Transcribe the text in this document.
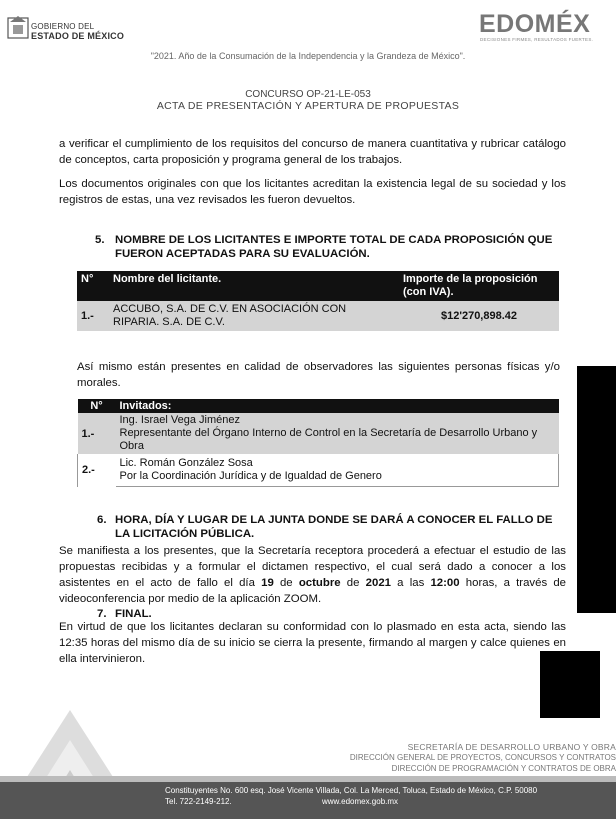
GOBIERNO DEL
ESTADO DE MÉXICO	EDOMÉX
DECISIONES FIRMES, RESULTADOS FUERTES.
"2021. Año de la Consumación de la Independencia y la Grandeza de México".
CONCURSO OP-21-LE-053
ACTA DE PRESENTACIÓN Y APERTURA DE PROPUESTAS

a verificar el cumplimiento de los requisitos del concurso de manera cuantitativa y rubricar catálogo de conceptos, carta proposición y programa general de los trabajos.

Los documentos originales con que los licitantes acreditan la existencia legal de su sociedad y los registros de estas, una vez revisados les fueron devueltos.

5. NOMBRE DE LOS LICITANTES E IMPORTE TOTAL DE CADA PROPOSICIÓN QUE FUERON ACEPTADAS PARA SU EVALUACIÓN.
N°	Nombre del licitante.	Importe de la proposición (con IVA).
1.-	ACCUBO, S.A. DE C.V. EN ASOCIACIÓN CON RIPARIA. S.A. DE C.V.	$12'270,898.42

Así mismo están presentes en calidad de observadores las siguientes personas físicas y/o morales.

N°	Invitados:
1.-	Ing. Israel Vega Jiménez
Representante del Órgano Interno de Control en la Secretaría de Desarrollo Urbano y Obra

2.-	Lic. Román González Sosa
Por la Coordinación Jurídica y de Igualdad de Genero
6. HORA, DÍA Y LUGAR DE LA JUNTA DONDE SE DARÁ A CONOCER EL FALLO DE LA LICITACIÓN PÚBLICA.

Se manifiesta a los presentes, que la Secretaría receptora procederá a efectuar el estudio de las propuestas recibidas y a formular el dictamen respectivo, el cual será dado a conocer a los asistentes en el acto de fallo el día 19 de octubre de 2021 a las 12:00 horas, a través de videoconferencia por medio de la aplicación ZOOM.

7. FINAL.

En virtud de que los licitantes declaran su conformidad con lo plasmado en esta acta, siendo las 12:35 horas del mismo día de su inicio se cierra la presente, firmando al margen y calce quienes en ella intervinieron.

SECRETARÍA DE DESARROLLO URBANO Y OBRA
DIRECCIÓN GENERAL DE PROYECTOS, CONCURSOS Y CONTRATOS
DIRECCIÓN DE PROGRAMACIÓN Y CONTRATOS DE OBRA
Constituyentes No. 600 esq. José Vicente Villada, Col. La Merced, Toluca, Estado de México, C.P. 50080
Tel. 722-2149-212.	www.edomex.gob.mx
